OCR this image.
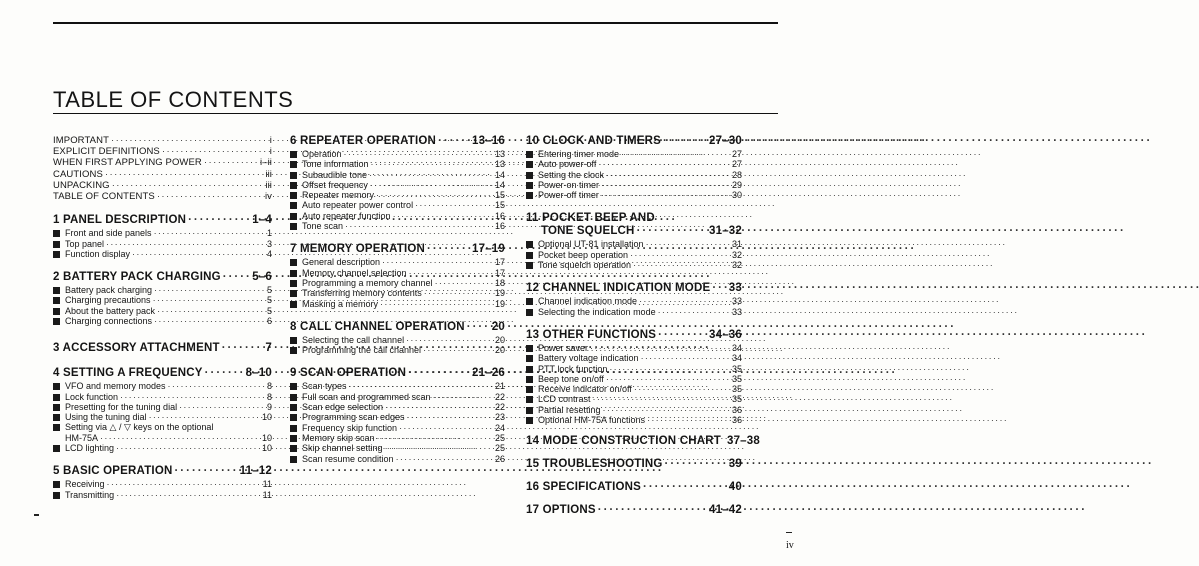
TABLE OF CONTENTS
IMPORTANT · · ·	i
EXPLICIT DEFINITIONS · · ·	i
WHEN FIRST APPLYING POWER · · ·	i–ii
CAUTIONS · · ·	iii
UNPACKING · · ·	iii
TABLE OF CONTENTS · · ·	iv
1 PANEL DESCRIPTION · · ·	1–4
Front and side panels · · ·	1
Top panel · · ·	3
Function display · · ·	4
2 BATTERY PACK CHARGING · · ·	5–6
Battery pack charging · · ·	5
Charging precautions · · ·	5
About the battery pack · · ·	5
Charging connections · · ·	6
3 ACCESSORY ATTACHMENT · · ·	7
4 SETTING A FREQUENCY · · ·	8–10
VFO and memory modes · · ·	8
Lock function · · ·	8
Presetting for the tuning dial · · ·	9
Using the tuning dial · · ·	10
Setting via △ / ▽ keys on the optional
HM-75A · · ·	10
LCD lighting · · ·	10
5 BASIC OPERATION · · ·	11–12
Receiving · · ·	11
Transmitting · · ·	11
6 REPEATER OPERATION · · ·	13–16
Operation · · ·	13
Tone information · · ·	13
Subaudible tone · · ·	14
Offset frequency · · ·	14
Repeater memory · · ·	15
Auto repeater power control · · ·	15
Auto repeater function · · ·	16
Tone scan · · ·	16
7 MEMORY OPERATION · · ·	17–19
General description · · ·	17
Memory channel selection · · ·	17
Programming a memory channel · · ·	18
Transferring memory contents · · ·	19
Masking a memory · · ·	19
8 CALL CHANNEL OPERATION · · · 20
Selecting the call channel · · ·	20
Programming the call channel · · ·	20
9 SCAN OPERATION · · ·	21–26
Scan types · · ·	21
Full scan and programmed scan · · ·	22
Scan edge selection · · ·	22
Programming scan edges · · ·	23
Frequency skip function · · ·	24
Memory skip scan · · ·	25
Skip channel setting · · ·	25
Scan resume condition · · ·	26
10 CLOCK AND TIMERS · · ·	27–30
Entering timer mode · · ·	27
Auto power-off · · ·	27
Setting the clock · · ·	28
Power-on timer · · ·	29
Power-off timer · · ·	30
11 POCKET BEEP AND
TONE SQUELCH · · ·	31–32
Optional UT-81 installation · · ·	31
Pocket beep operation · · ·	32
Tone squelch operation · · ·	32
12 CHANNEL INDICATION MODE · · · 33
Channel indication mode · · ·	33
Selecting the indication mode · · ·	33
13 OTHER FUNCTIONS · · ·	34–36
Power saver · · ·	34
Battery voltage indication · · ·	34
PTT lock function · · ·	35
Beep tone on/off · · ·	35
Receive indicator on/off · · ·	35
LCD contrast · · ·	35
Partial resetting · · ·	36
Optional HM-75A functions · · ·	36
14 MODE CONSTRUCTION CHART 37–38
15 TROUBLESHOOTING · · ·	39
16 SPECIFICATIONS · · ·	40
17 OPTIONS · · ·	41–42
iv
